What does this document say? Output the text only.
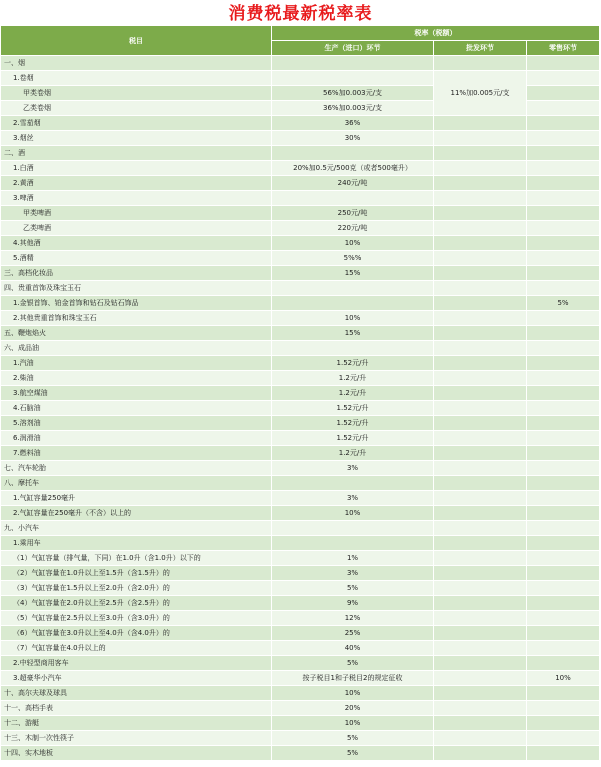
消费税最新税率表
税目	税率（税额）		
	生产（进口）环节	批发环节	零售环节
一、烟			
1.卷烟		11%加0.005元/支	
甲类卷烟	56%加0.003元/支		
乙类卷烟	36%加0.003元/支		
2.雪茄烟	36%		
3.烟丝	30%		
二、酒			
1.白酒	20%加0.5元/500克（或者500毫升）		
2.黄酒	240元/吨		
3.啤酒			
甲类啤酒	250元/吨		
乙类啤酒	220元/吨		
4.其他酒	10%		
5.酒精	5%%		
三、高档化妆品	15%		
四、贵重首饰及珠宝玉石			
1.金银首饰、铂金首饰和钻石及钻石饰品			5%
2.其他贵重首饰和珠宝玉石	10%		
五、鞭炮焰火	15%		
六、成品油			
1.汽油	1.52元/升		
2.柴油	1.2元/升		
3.航空煤油	1.2元/升		
4.石脑油	1.52元/升		
5.溶剂油	1.52元/升		
6.润滑油	1.52元/升		
7.燃料油	1.2元/升		
七、汽车轮胎	3%		
八、摩托车			
1.气缸容量250毫升	3%		
2.气缸容量在250毫升（不含）以上的	10%		
九、小汽车			
1.乘用车			
（1）气缸容量（排气量，下同）在1.0升（含1.0升）以下的	1%		
（2）气缸容量在1.0升以上至1.5升（含1.5升）的	3%		
（3）气缸容量在1.5升以上至2.0升（含2.0升）的	5%		
（4）气缸容量在2.0升以上至2.5升（含2.5升）的	9%		
（5）气缸容量在2.5升以上至3.0升（含3.0升）的	12%		
（6）气缸容量在3.0升以上至4.0升（含4.0升）的	25%		
（7）气缸容量在4.0升以上的	40%		
2.中轻型商用客车	5%		
3.超豪华小汽车	按子税目1和子税目2的规定征收		10%
十、高尔夫球及球具	10%		
十一、高档手表	20%		
十二、游艇	10%		
十三、木制一次性筷子	5%		
十四、实木地板	5%		
